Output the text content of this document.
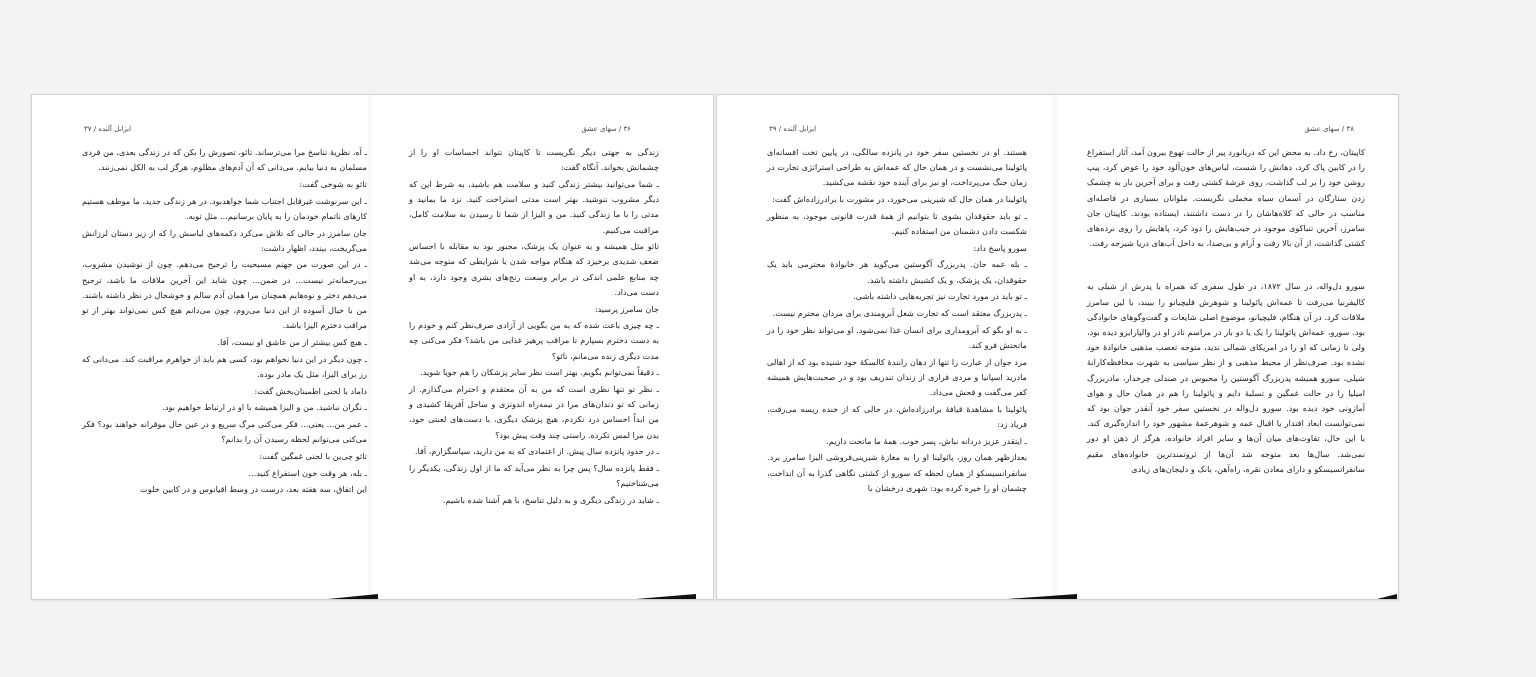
ایزابل آلنده / ۳۷

ـ آه، نظریهٔ تناسخ مرا می‌ترساند. تائو، تصورش را بکن که در زندگی بعدی، من فردی مسلمان به دنیا بیایم. می‌دانی که آن آدم‌های مظلوم، هرگز لب به الکل نمی‌زنند.

تائو به شوخی گفت:

ـ این سرنوشت غیرقابل اجتناب شما خواهدبود. در هر زندگی جدید، ما موظف هستیم کارهای ناتمام خودمان را به پایان برسانیم... مثل توبه.

جان سامرز در حالی که تلاش می‌کرد دکمه‌های لباسش را که از زیر دستان لرزانش می‌گریخت، ببندد، اظهار داشت:

ـ در این صورت من جهنم مسیحیت را ترجیح می‌دهم. چون از نوشیدن مشروب، بی‌رحمانه‌تر نیست... در ضمن... چون شاید این آخرین ملاقات ما باشد، ترجیح می‌دهم دختر و نوه‌هایم همچنان مرا همان آدم سالم و خوشحال در نظر داشته باشند. من با خیال آسوده از این دنیا می‌روم، چون می‌دانم هیچ کس نمی‌تواند بهتر از تو مراقب دخترم الیزا باشد.

ـ هیچ کس بیشتر از من عاشق او نیست، آقا.

ـ چون دیگر در این دنیا نخواهم بود، کسی هم باید از خواهرم مراقبت کند. می‌دانی که رز برای الیزا، مثل یک مادر بوده.

داماد با لحنی اطمینان‌بخش گفت:

ـ نگران نباشید. من و الیزا همیشه با او در ارتباط خواهیم بود.

ـ عمر من... یعنی... فکر می‌کنی مرگ سریع و در عین حال موقرانه خواهند بود؟ فکر می‌کنی می‌توانم لحظه رسیدن آن را بدانم؟

تائو چی‌ین با لحنی غمگین گفت:

ـ بله، هر وقت خون استفراغ کنید...

این اتفاق، سه هفته بعد، درست در وسط اقیانوس و در کابین خلوت

۳۶ / سهای عشق

زندگی به جهتی دیگر نگریست تا کاپیتان نتواند احساسات او را از چشمانش بخواند. آنگاه گفت:

ـ شما می‌توانید بیشتر زندگی کنید و سلامت هم باشید، به شرط این که دیگر مشروب ننوشید. بهتر است مدتی استراحت کنید. نزد ما بمانید و مدتی را با ما زندگی کنید. من و الیزا از شما تا رسیدن به سلامت کامل، مراقبت می‌کنیم.

تائو مثل همیشه و به عنوان یک پزشک، مجبور بود به مقابله با احساس ضعف شدیدی برخیزد که هنگام مواجه شدن با شرایطی که متوجه می‌شد چه منابع علمی اندکی در برابر وسعت رنج‌های بشری وجود دارد، به او دست می‌داد.

جان سامرز پرسید:

ـ چه چیزی باعث شده که به من بگویی از آزادی صرف‌نظر کنم و خودم را به دست دخترم بسپارم تا مراقب پرهیز غذایی من باشد؟ فکر می‌کنی چه مدت دیگری زنده می‌مانم، تائو؟

ـ دقیقاً نمی‌توانم بگویم. بهتر است نظر سایر پزشکان را هم جویا شوید.

ـ نظر تو تنها نظری است که من به آن معتقدم و احترام می‌گذارم. از زمانی که تو دندان‌های مرا در نیمه‌راه اندونزی و ساحل آفریقا کشیدی و من ابداً احساس درد نکردم، هیچ پزشک دیگری، با دست‌های لعنتی خود، بدن مرا لمس نکرده. راستی چند وقت پیش بود؟

ـ در حدود پانزده سال پیش. از اعتمادی که به من دارید، سپاسگزارم، آقا.

ـ فقط پانزده سال؟ پس چرا به نظر می‌آید که ما از اول زندگی، یکدیگر را می‌شناختیم؟

ـ شاید در زندگی دیگری و به دلیل تناسخ، با هم آشنا شده باشیم.

ایزابل آلنده / ۳۹

هستند. او در نخستین سفر خود در پانزده سالگی، در پایین تخت افسانه‌ای پائولینا می‌نشست و در همان حال که عمه‌اش به طراحی استراتژی تجارت در زمان جنگ می‌پرداخت، او نیز برای آینده خود نقشه می‌کشید.

پائولینا در همان حال که شیرینی می‌خورد، در مشورت با برادرزاده‌اش گفت:

ـ تو باید حقوقدان بشوی تا بتوانیم از همهٔ قدرت قانونی موجود، به منظور شکست دادن دشمنان من استفاده کنیم.

سورو پاسخ داد:

ـ بله عمه جان. پدربزرگ آگوستین می‌گوید هر خانوادهٔ محترمی باید یک حقوقدان، یک پزشک، و یک کشیش داشته باشد.

ـ تو باید در مورد تجارت نیز تجربه‌هایی داشته باشی.

ـ پدربزرگ معتقد است که تجارت شغل آبرومندی برای مردان محترم نیست.

ـ به او بگو که آبرومداری برای انسان غذا نمی‌شود. او می‌تواند نظر خود را در ماتحتش فرو کند.

مرد جوان از عبارت را تنها از دهان رانندهٔ کالسکهٔ خود شنیده بود که از اهالی مادرید اسپانیا و مردی فراری از زندان تندریف بود و در صحبت‌هایش همیشه کفر می‌گفت و فحش می‌داد.

پائولینا با مشاهدهٔ قیافهٔ برادرزاده‌اش، در حالی که از خنده ریسه می‌رفت، فریاد زد:

ـ ایتقدر عزیز دردانه نباش، پسر خوب. همهٔ ما ماتحت داریم.

بعدازظهر همان روز، پائولینا او را به مغازهٔ شیرینی‌فروشی الیزا سامرز برد. سانفرانسیسکو از همان لحظه که سورو از کشتی نگاهی گذرا به آن انداخت، چشمان او را خیره کرده بود: شهری درخشان با

۳۸ / سهای عشق

کاپیتان، رخ داد. به محض این که دریانورد پیر از حالت تهوع بیرون آمد، آثار استفراغ را در کابین پاک کرد، دهانش را شست، لباس‌های خون‌آلود خود را عوض کرد، پیپ روشن خود را بر لب گذاشت، روی عرشهٔ کشتی رفت و برای آخرین بار به چشمک زدن ستارگان در آسمان سیاه مخملی نگریست. ملوانان بسیاری در فاصله‌ای مناسب در حالی که کلاه‌هاشان را در دست داشتند، ایستاده بودند. کاپیتان جان سامرز، آخرین تنباکوی موجود در جیب‌هایش را دود کرد، پاهایش را روی نرده‌های کشتی گذاشت، از آن بالا رفت و آرام و بی‌صدا، به داخل آب‌های دریا شیرجه رفت.

سورو دل‌واله، در سال ۱۸۷۲، در طول سفری که همراه با پدرش از شیلی به کالیفرنیا می‌رفت تا عمه‌اش پائولینا و شوهرش فلیچیانو را ببیند، با لین سامرز ملاقات کرد. در آن هنگام، فلیچیانو، موضوع اصلی شایعات و گفت‌وگوهای خانوادگی بود. سورو، عمه‌اش پائولینا را یک یا دو بار در مراسم نادر او در والپارایزو دیده بود، ولی تا زمانی که او را در امریکای شمالی ندید، متوجه تعصب مذهبی خانوادهٔ خود نشده بود. صرف‌نظر از محیط مذهبی و از نظر سیاسی به شهرت محافظه‌کارانهٔ شیلی، سورو همیشه پدربزرگ آگوستین را محبوس در صندلی چرخدار، مادربزرگ امیلیا را در حالت غمگین و تسلیهٔ دایم و پائولینا را هم در همان حال و هوای آمازونی خود دیده بود. سورو دل‌واله در نخستین سفر خود آنقدر جوان بود که نمی‌توانست ابعاد اقتدار یا اقبال عمه و شوهرعمهٔ مشهور خود را اندازه‌گیری کند. با این حال، تفاوت‌های میان آن‌ها و سایر افراد خانواده، هرگز از ذهن او دور نمی‌شد. سال‌ها بعد متوجه شد آن‌ها از ثروتمندترین خانواده‌های مقیم سانفرانسیسکو و دارای معادن نقره، راه‌آهن، بانک و دلیجان‌های زیادی
